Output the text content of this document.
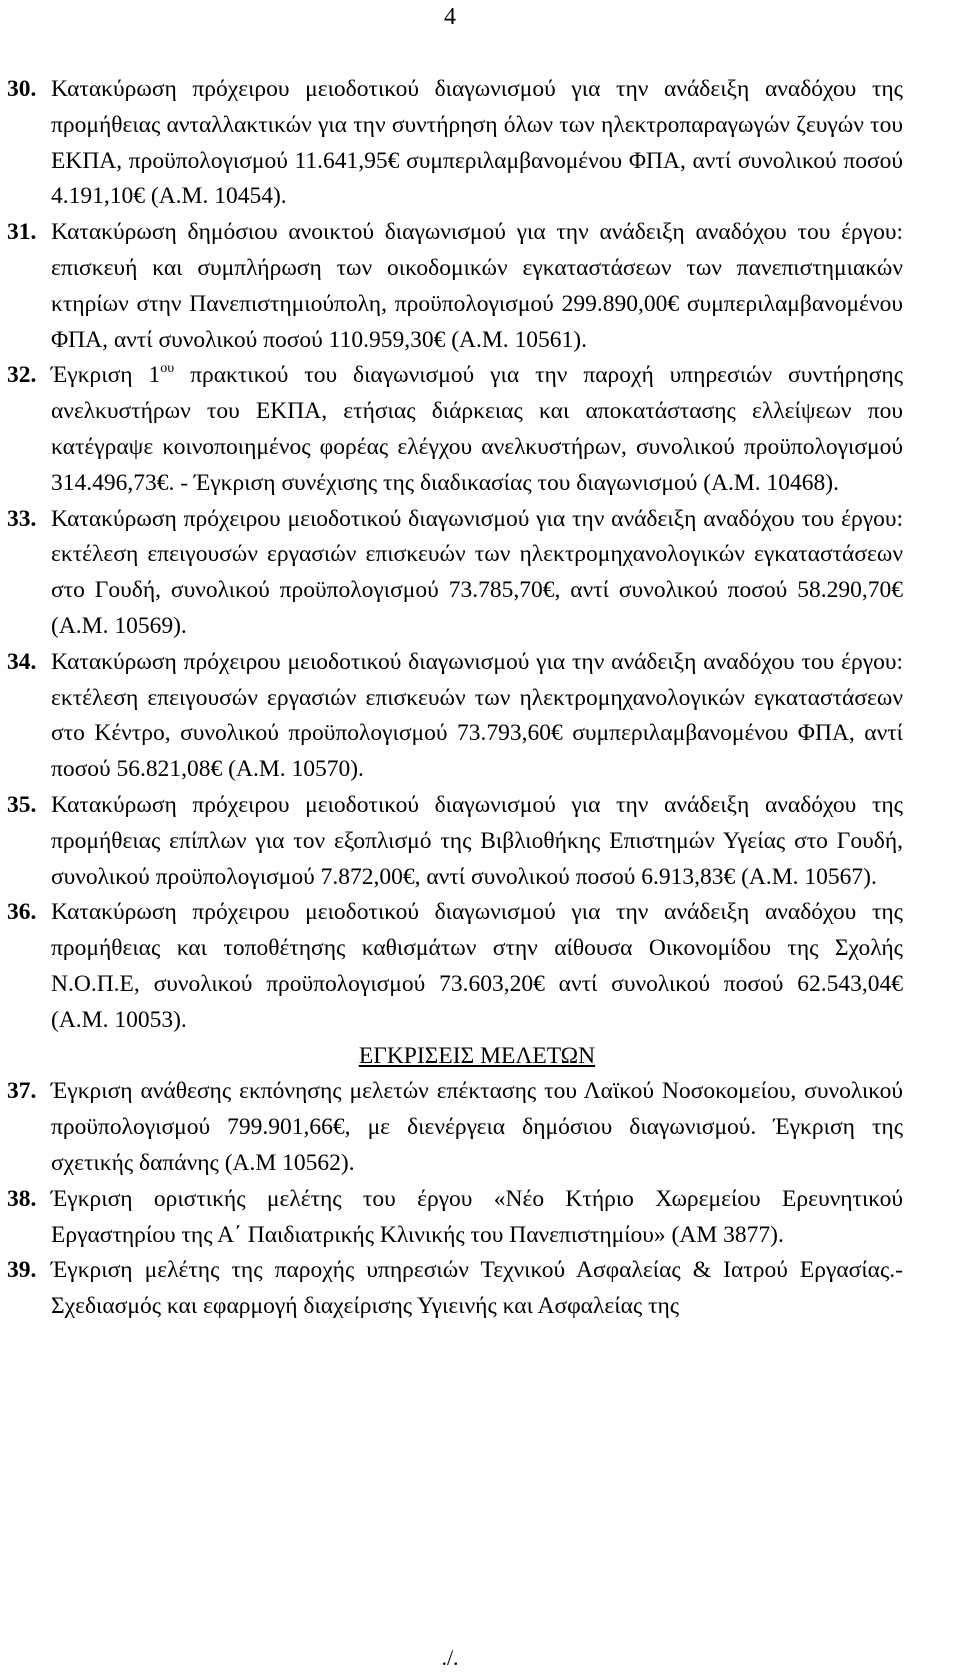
4
30. Κατακύρωση πρόχειρου μειοδοτικού διαγωνισμού για την ανάδειξη αναδόχου της προμήθειας ανταλλακτικών για την συντήρηση όλων των ηλεκτροπαραγωγών ζευγών του ΕΚΠΑ, προϋπολογισμού 11.641,95€ συμπεριλαμβανομένου ΦΠΑ, αντί συνολικού ποσού 4.191,10€ (Α.Μ. 10454).
31. Κατακύρωση δημόσιου ανοικτού διαγωνισμού για την ανάδειξη αναδόχου του έργου: επισκευή και συμπλήρωση των οικοδομικών εγκαταστάσεων των πανεπιστημιακών κτηρίων στην Πανεπιστημιούπολη, προϋπολογισμού 299.890,00€ συμπεριλαμβανομένου ΦΠΑ, αντί συνολικού ποσού 110.959,30€ (Α.Μ. 10561).
32. Έγκριση $1^{o\upsilon}$ πρακτικού του διαγωνισμού για την παροχή υπηρεσιών συντήρησης ανελκυστήρων του ΕΚΠΑ, ετήσιας διάρκειας και αποκατάστασης ελλείψεων που κατέγραψε κοινοποιημένος φορέας ελέγχου ανελκυστήρων, συνολικού προϋπολογισμού 314.496,73€. - Έγκριση συνέχισης της διαδικασίας του διαγωνισμού (Α.Μ. 10468).
33. Κατακύρωση πρόχειρου μειοδοτικού διαγωνισμού για την ανάδειξη αναδόχου του έργου: εκτέλεση επειγουσών εργασιών επισκευών των ηλεκτρομηχανολογικών εγκαταστάσεων στο Γουδή, συνολικού προϋπολογισμού 73.785,70€, αντί συνολικού ποσού 58.290,70€ (Α.Μ. 10569).
34. Κατακύρωση πρόχειρου μειοδοτικού διαγωνισμού για την ανάδειξη αναδόχου του έργου: εκτέλεση επειγουσών εργασιών επισκευών των ηλεκτρομηχανολογικών εγκαταστάσεων στο Κέντρο, συνολικού προϋπολογισμού 73.793,60€ συμπεριλαμβανομένου ΦΠΑ, αντί ποσού 56.821,08€ (Α.Μ. 10570).
35. Κατακύρωση πρόχειρου μειοδοτικού διαγωνισμού για την ανάδειξη αναδόχου της προμήθειας επίπλων για τον εξοπλισμό της Βιβλιοθήκης Επιστημών Υγείας στο Γουδή, συνολικού προϋπολογισμού 7.872,00€, αντί συνολικού ποσού 6.913,83€ (Α.Μ. 10567).
36. Κατακύρωση πρόχειρου μειοδοτικού διαγωνισμού για την ανάδειξη αναδόχου της προμήθειας και τοποθέτησης καθισμάτων στην αίθουσα Οικονομίδου της Σχολής Ν.Ο.Π.Ε, συνολικού προϋπολογισμού 73.603,20€ αντί συνολικού ποσού 62.543,04€ (Α.Μ. 10053).
ΕΓΚΡΙΣΕΙΣ ΜΕΛΕΤΩΝ
37. Έγκριση ανάθεσης εκπόνησης μελετών επέκτασης του Λαϊκού Νοσοκομείου, συνολικού προϋπολογισμού 799.901,66€, με διενέργεια δημόσιου διαγωνισμού. Έγκριση της σχετικής δαπάνης (Α.Μ 10562).
38. Έγκριση οριστικής μελέτης του έργου «Νέο Κτήριο Χωρεμείου Ερευνητικού Εργαστηρίου της Α΄ Παιδιατρικής Κλινικής του Πανεπιστημίου» (ΑΜ 3877).
39. Έγκριση μελέτης της παροχής υπηρεσιών Τεχνικού Ασφαλείας & Ιατρού Εργασίας.-Σχεδιασμός και εφαρμογή διαχείρισης Υγιεινής και Ασφαλείας της
./.
